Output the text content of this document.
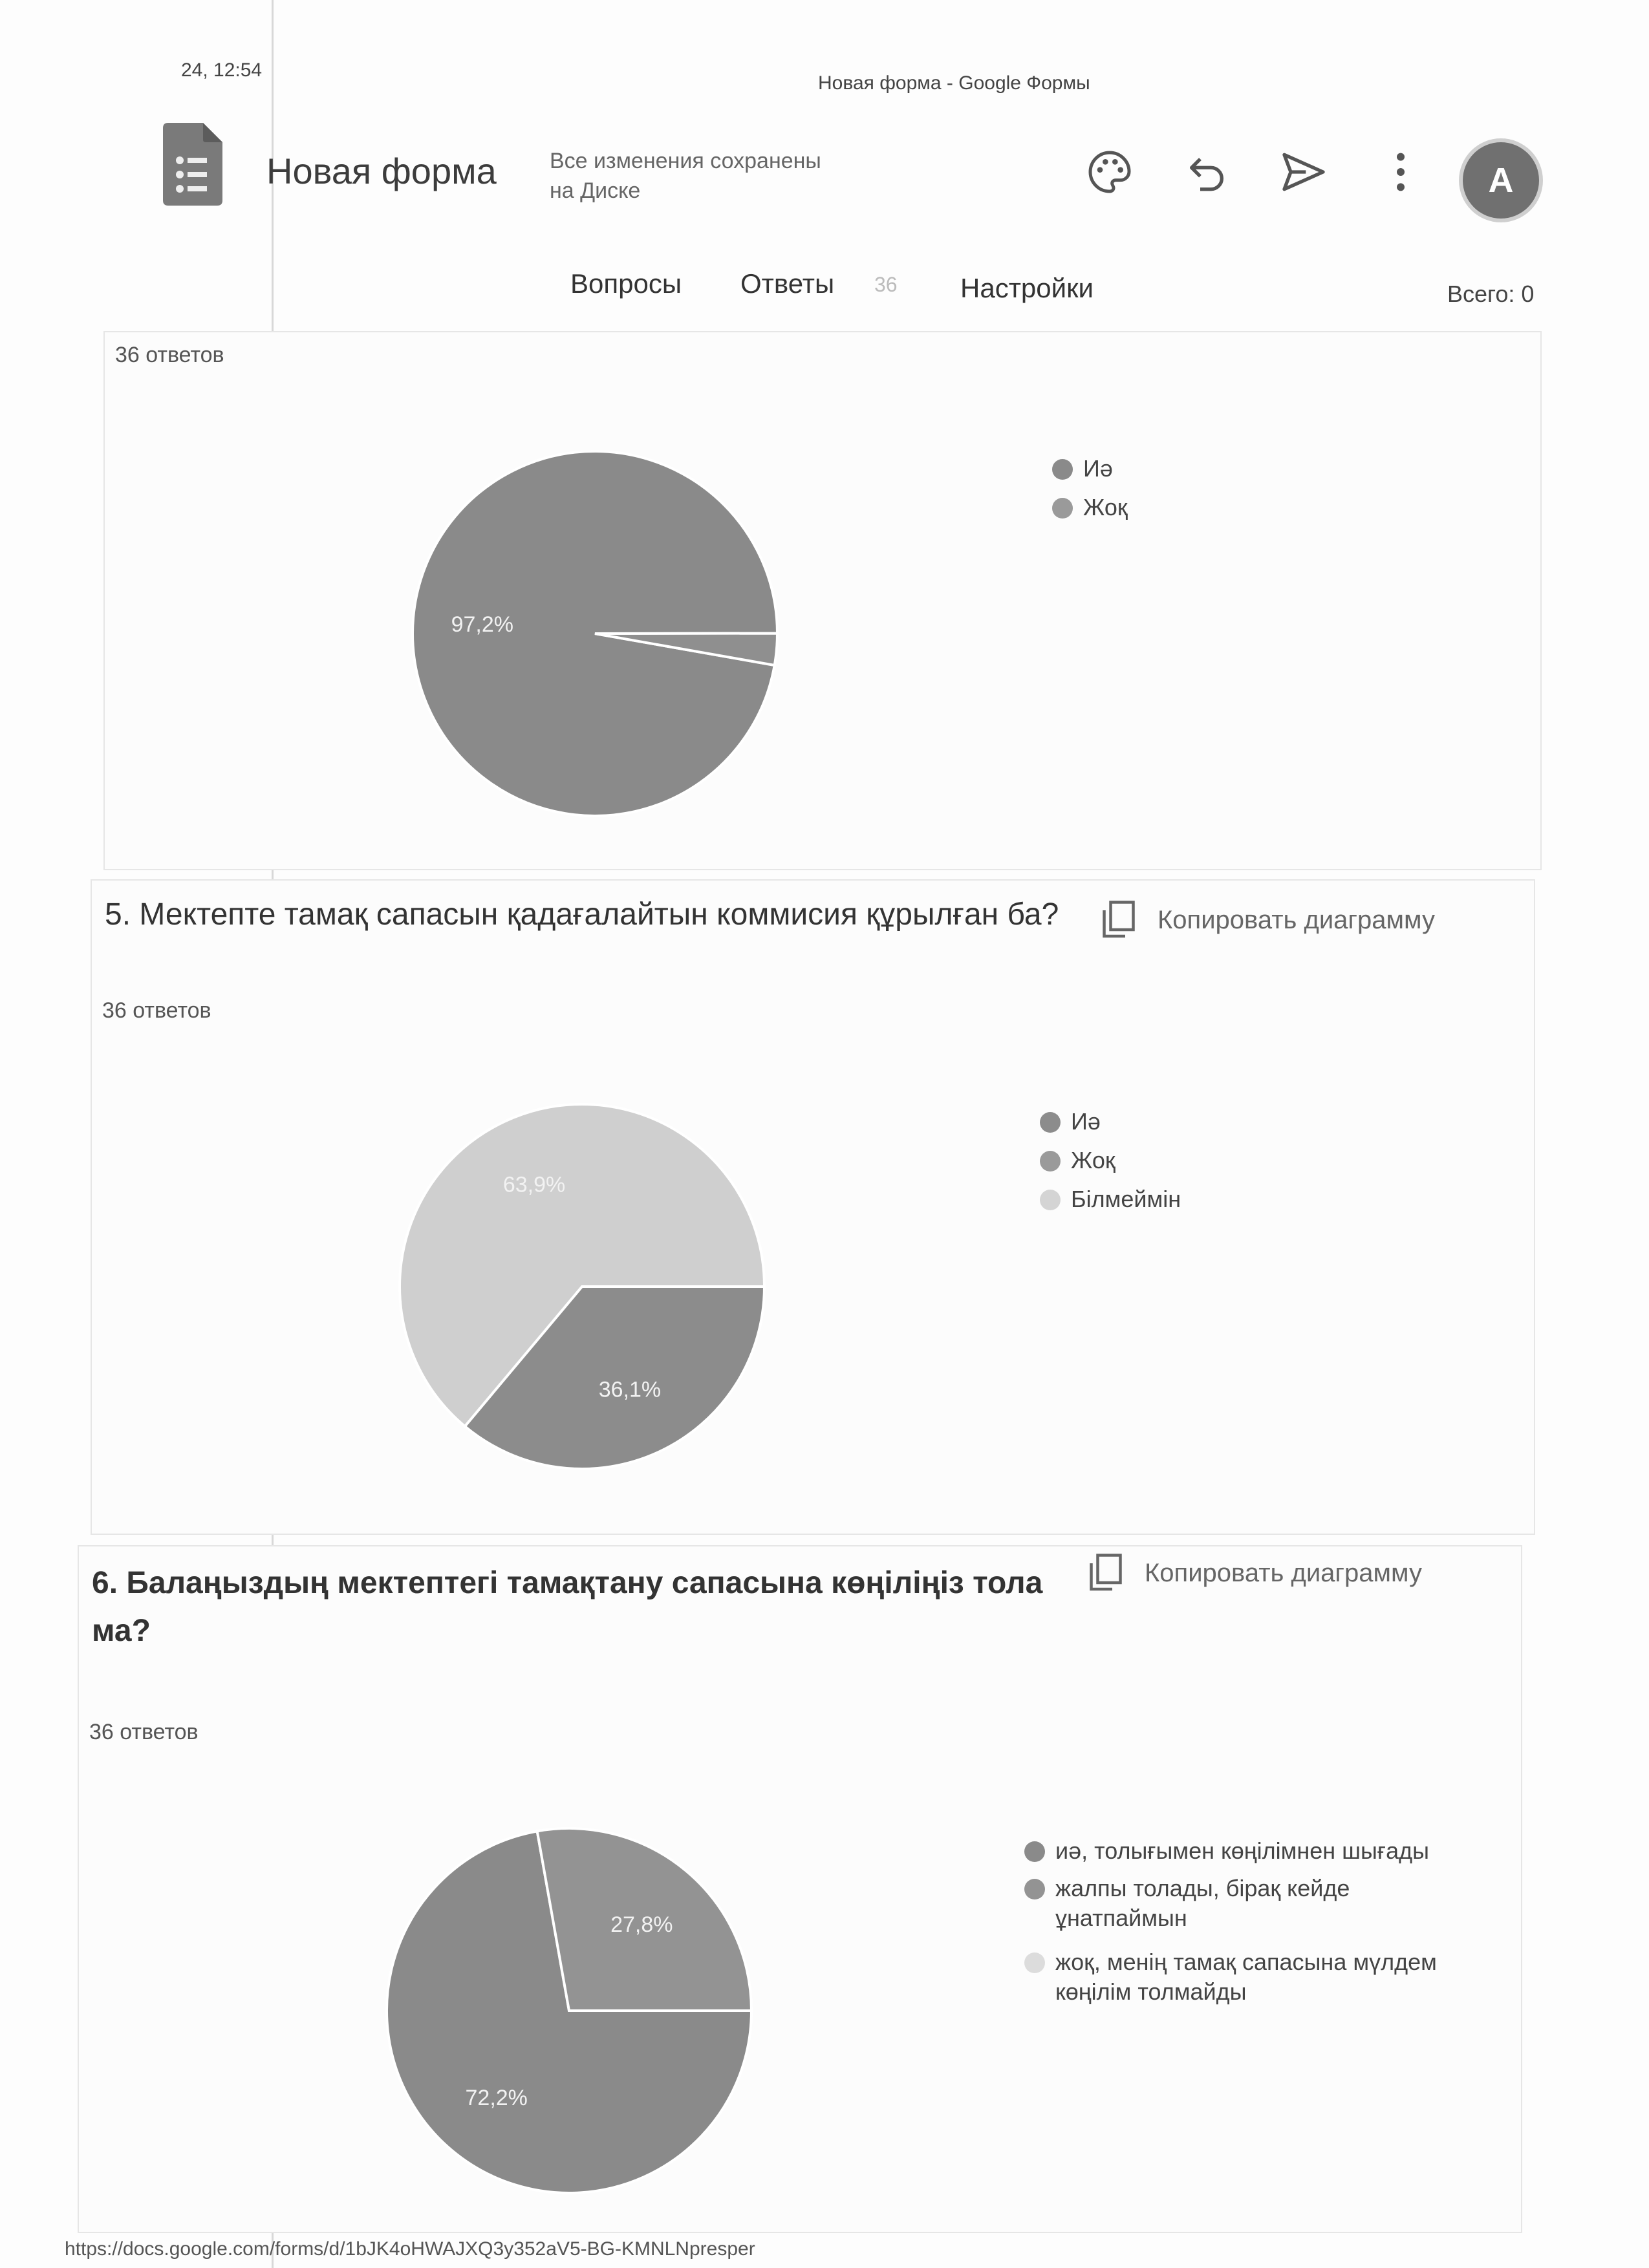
24, 12:54
Новая форма - Google Формы
Новая форма Все изменения сохранены
на Диске	A
Вопросы Ответы 36 Настройки	Всего: 0
36 ответов
97,2%
Иә
Жоқ
5. Мектепте тамақ сапасын қадағалайтын коммисия құрылған ба?	Копировать диаграмму
36 ответов
36,1%
63,9%
Иә
Жоқ
Білмеймін
6. Балаңыздың мектептегі тамақтану сапасына көңіліңіз тола ма?
Копировать диаграмму
36 ответов
72,2%
27,8%
иә, толығымен көңілімнен шығады
жалпы толады, бірақ кейде ұнатпаймын
жоқ, менің тамақ сапасына мүлдем көңілім толмайды
https://docs.google.com/forms/d/1bJK4oHWAJXQ3y352aV5-BG-KMNLNpresper
